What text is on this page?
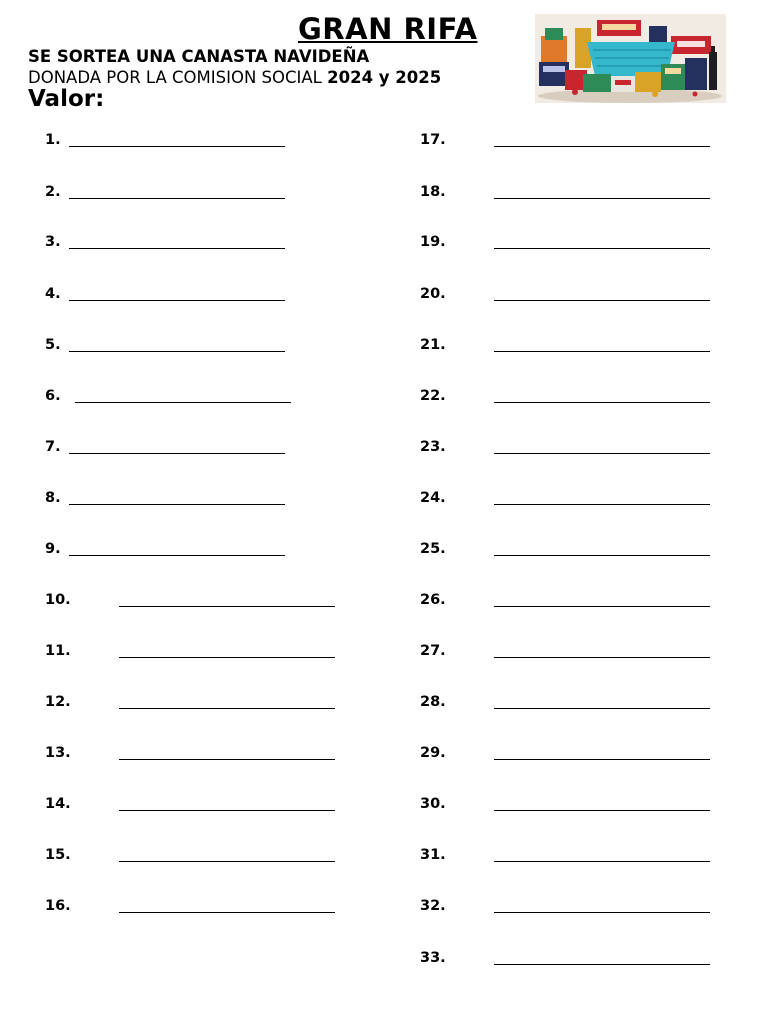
GRAN RIFA
SE SORTEA UNA CANASTA NAVIDEÑA
DONADA POR LA COMISION SOCIAL 2024 y 2025
Valor:
1.
2.
3.
4.
5.
6.
7.
8.
9.
10.
11.
12.
13.
14.
15.
16.
17.
18.
19.
20.
21.
22.
23.
24.
25.
26.
27.
28.
29.
30.
31.
32.
33.
